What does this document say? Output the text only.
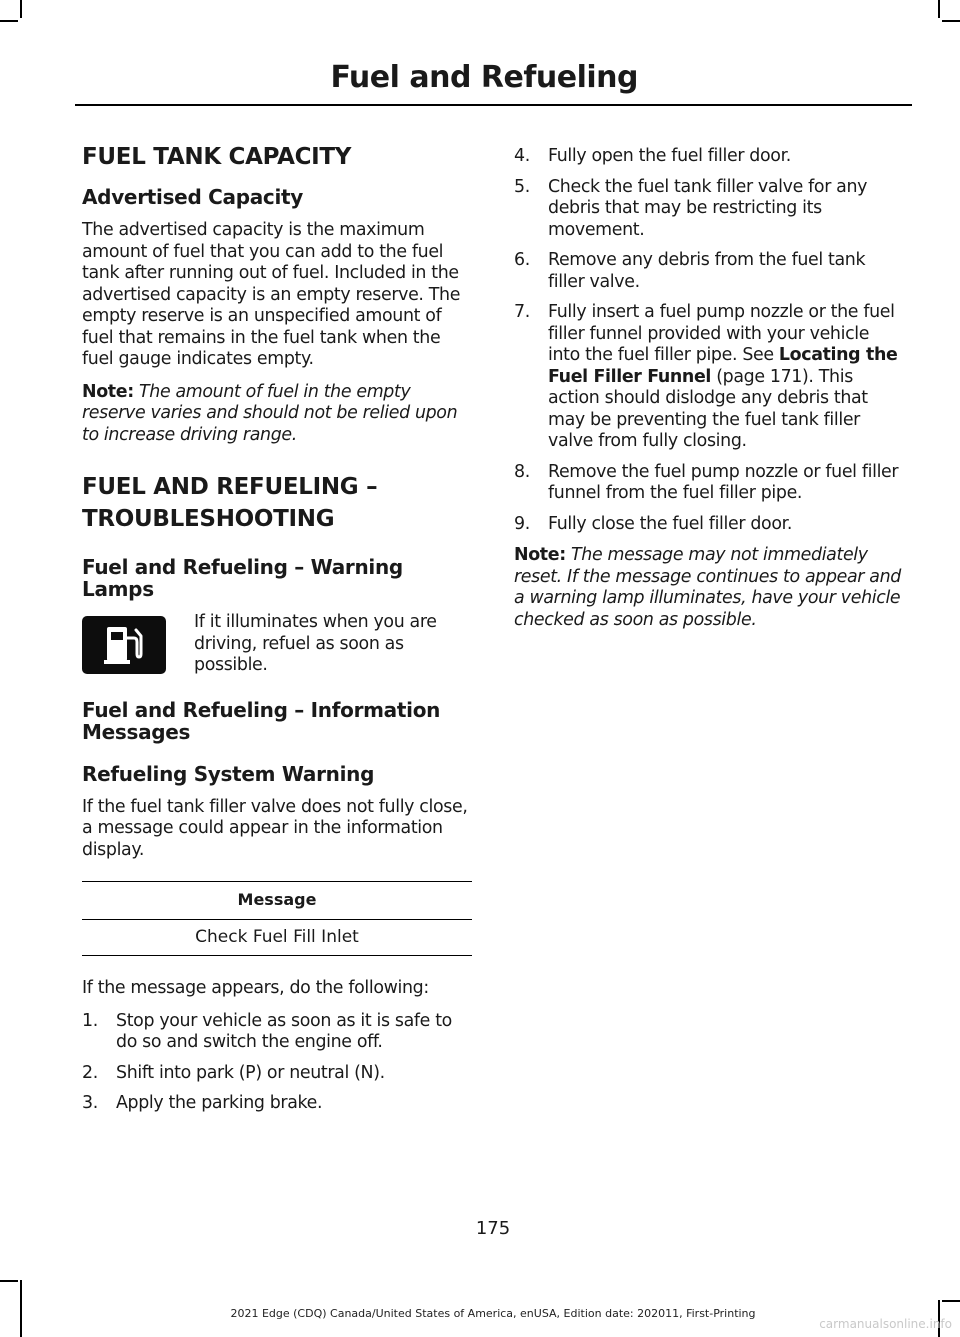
Fuel and Refueling
FUEL TANK CAPACITY
Advertised Capacity

The advertised capacity is the maximum amount of fuel that you can add to the fuel tank after running out of fuel. Included in the advertised capacity is an empty reserve. The empty reserve is an unspecified amount of fuel that remains in the fuel tank when the fuel gauge indicates empty.

Note: The amount of fuel in the empty reserve varies and should not be relied upon to increase driving range.

FUEL AND REFUELING –
TROUBLESHOOTING
Fuel and Refueling – Warning Lamps

If it illuminates when you are driving, refuel as soon as possible.

Fuel and Refueling – Information Messages
Refueling System Warning

If the fuel tank filler valve does not fully close, a message could appear in the information display.

Message
Check Fuel Fill Inlet

If the message appears, do the following:

1.	Stop your vehicle as soon as it is safe to do so and switch the engine off.
2.	Shift into park (P) or neutral (N).
3.	Apply the parking brake.
4.	Fully open the fuel filler door.
5.	Check the fuel tank filler valve for any debris that may be restricting its movement.
6.	Remove any debris from the fuel tank filler valve.
7.	Fully insert a fuel pump nozzle or the fuel filler funnel provided with your vehicle into the fuel filler pipe. See Locating the Fuel Filler Funnel (page 171). This action should dislodge any debris that may be preventing the fuel tank filler valve from fully closing.
8.	Remove the fuel pump nozzle or fuel filler funnel from the fuel filler pipe.
9.	Fully close the fuel filler door.

Note: The message may not immediately reset. If the message continues to appear and a warning lamp illuminates, have your vehicle checked as soon as possible.

175
2021 Edge (CDQ) Canada/United States of America, enUSA, Edition date: 202011, First-Printing
carmanualsonline.info
